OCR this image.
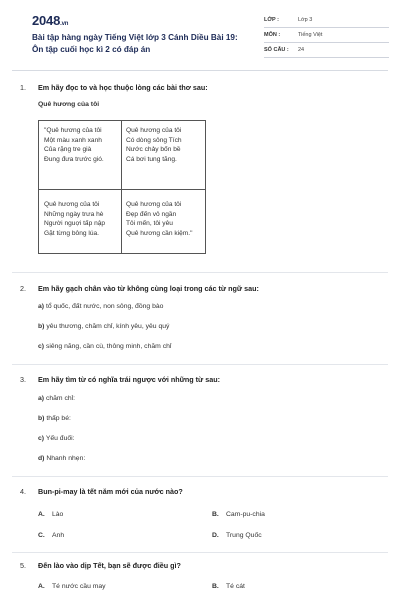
2048.vn
Bài tập hàng ngày Tiếng Việt lớp 3 Cánh Diều Bài 19: Ôn tập cuối học kì 2 có đáp án
LỚP :	Lớp 3
MÔN :	Tiếng Việt
SỐ CÂU :	24
1.	Em hãy đọc to và học thuộc lòng các bài thơ sau:
Quê hương của tôi
"Quê hương của tôi
Một màu xanh xanh
Của rặng tre già
Đung đưa trước gió.
Quê hương của tôi
Có dòng sông Tích
Nước chảy bốn bề
Cá bơi tung tăng.
Quê hương của tôi
Những ngày trưa hè
Người nguợi tấp nập
Gặt từng bông lúa.
Quê hương của tôi
Đẹp đến vô ngần
Tôi mến, tôi yêu
Quê hương cần kiệm."
2.	Em hãy gạch chân vào từ không cùng loại trong các từ ngữ sau:
a) tổ quốc, đất nước, non sông, đồng bào
b) yêu thương, chăm chỉ, kính yêu, yêu quý
c) siêng năng, cần cù, thông minh, chăm chỉ
3.	Em hãy tìm từ có nghĩa trái ngược với những từ sau:
a) chăm chỉ:
b) thấp bé:
c) Yếu đuối:
d) Nhanh nhẹn:
4.	Bun-pi-may là tết năm mới của nước nào?
A.	Lào	B.	Cam-pu-chia
C.	Anh	D.	Trung Quốc
5.	Đến lào vào dịp Tết, bạn sẽ được điều gì?
A.	Té nước cầu may	B.	Té cát
